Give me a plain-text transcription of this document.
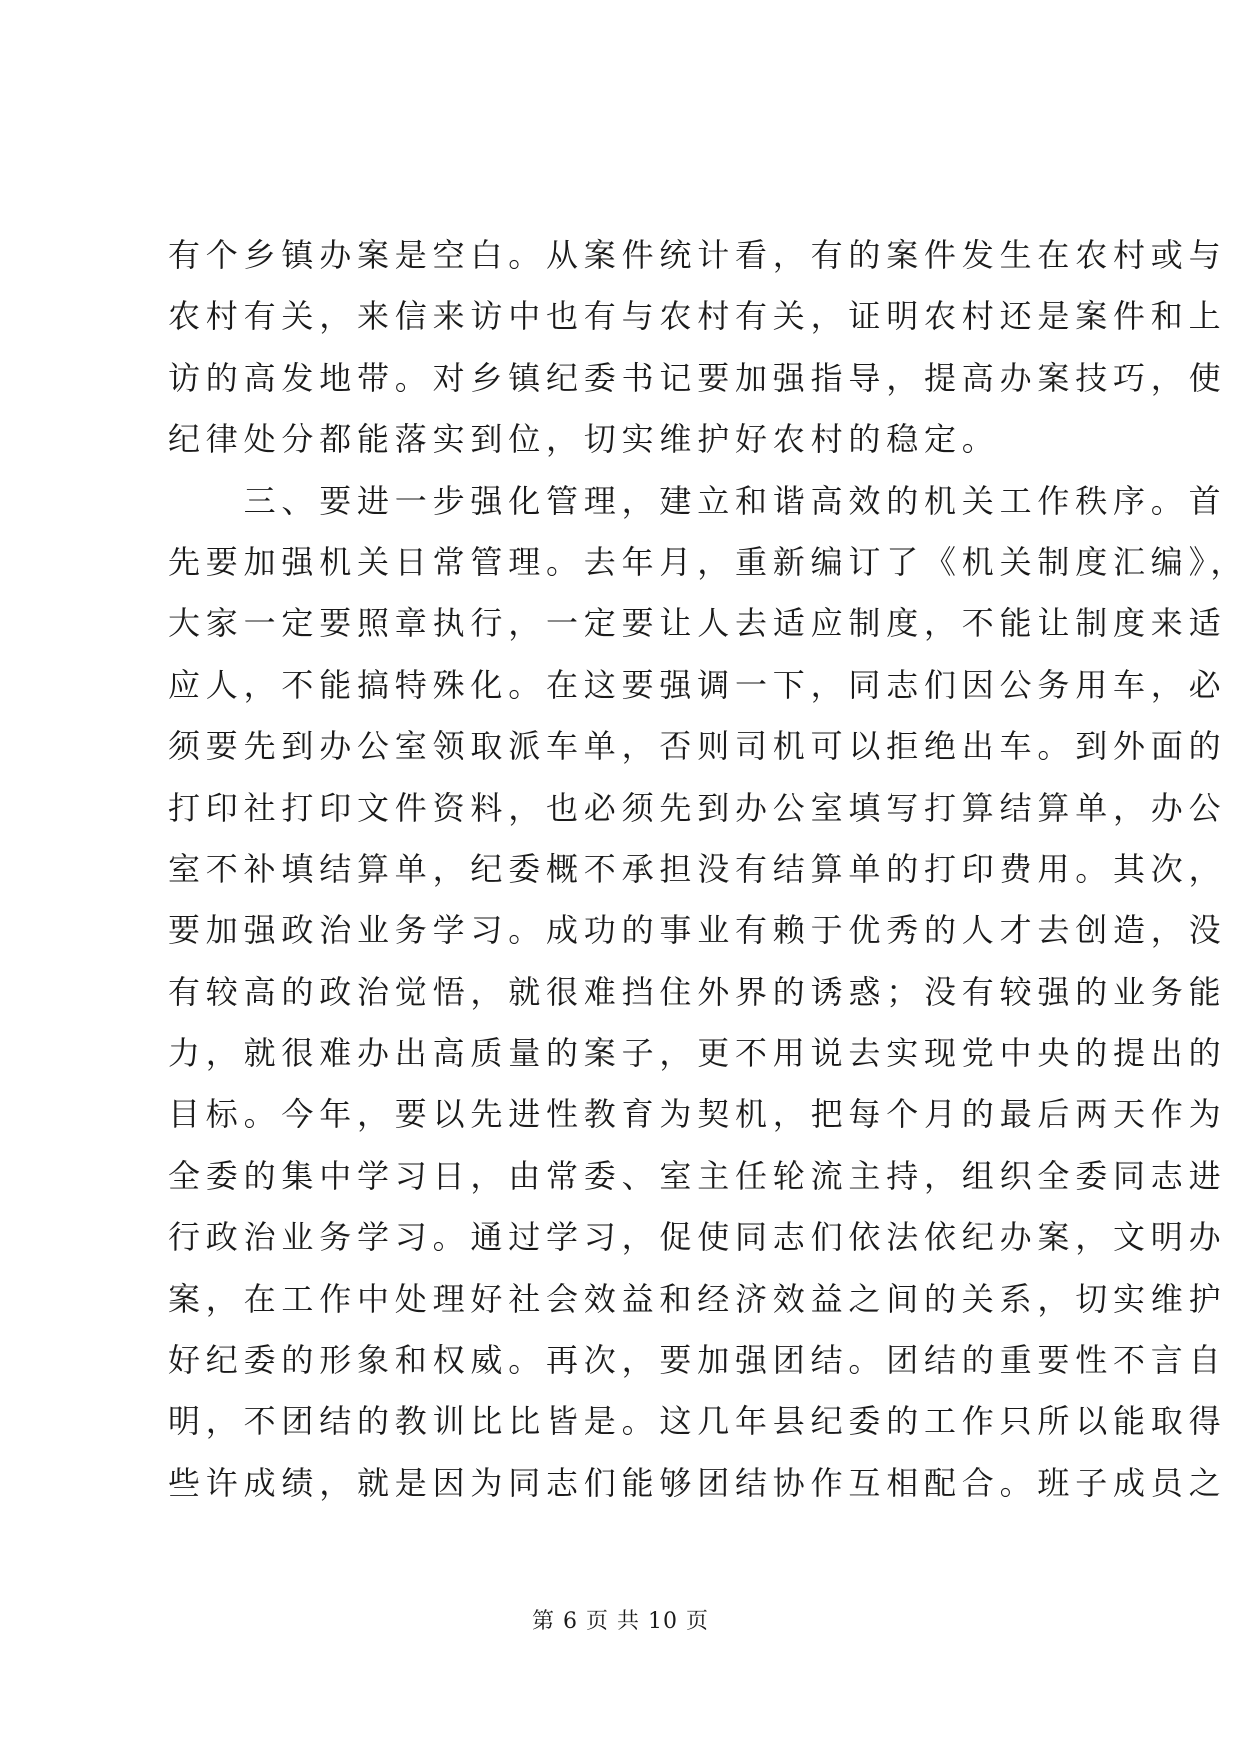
有个乡镇办案是空白。从案件统计看，有的案件发生在农村或与
农村有关，来信来访中也有与农村有关，证明农村还是案件和上
访的高发地带。对乡镇纪委书记要加强指导，提高办案技巧，使
纪律处分都能落实到位，切实维护好农村的稳定。
　　三、要进一步强化管理，建立和谐高效的机关工作秩序。首
先要加强机关日常管理。去年月，重新编订了《机关制度汇编》，
大家一定要照章执行，一定要让人去适应制度，不能让制度来适
应人，不能搞特殊化。在这要强调一下，同志们因公务用车，必
须要先到办公室领取派车单，否则司机可以拒绝出车。到外面的
打印社打印文件资料，也必须先到办公室填写打算结算单，办公
室不补填结算单，纪委概不承担没有结算单的打印费用。其次，
要加强政治业务学习。成功的事业有赖于优秀的人才去创造，没
有较高的政治觉悟，就很难挡住外界的诱惑；没有较强的业务能
力，就很难办出高质量的案子，更不用说去实现党中央的提出的
目标。今年，要以先进性教育为契机，把每个月的最后两天作为
全委的集中学习日，由常委、室主任轮流主持，组织全委同志进
行政治业务学习。通过学习，促使同志们依法依纪办案，文明办
案，在工作中处理好社会效益和经济效益之间的关系，切实维护
好纪委的形象和权威。再次，要加强团结。团结的重要性不言自
明，不团结的教训比比皆是。这几年县纪委的工作只所以能取得
些许成绩，就是因为同志们能够团结协作互相配合。班子成员之
第 6 页 共 10 页
